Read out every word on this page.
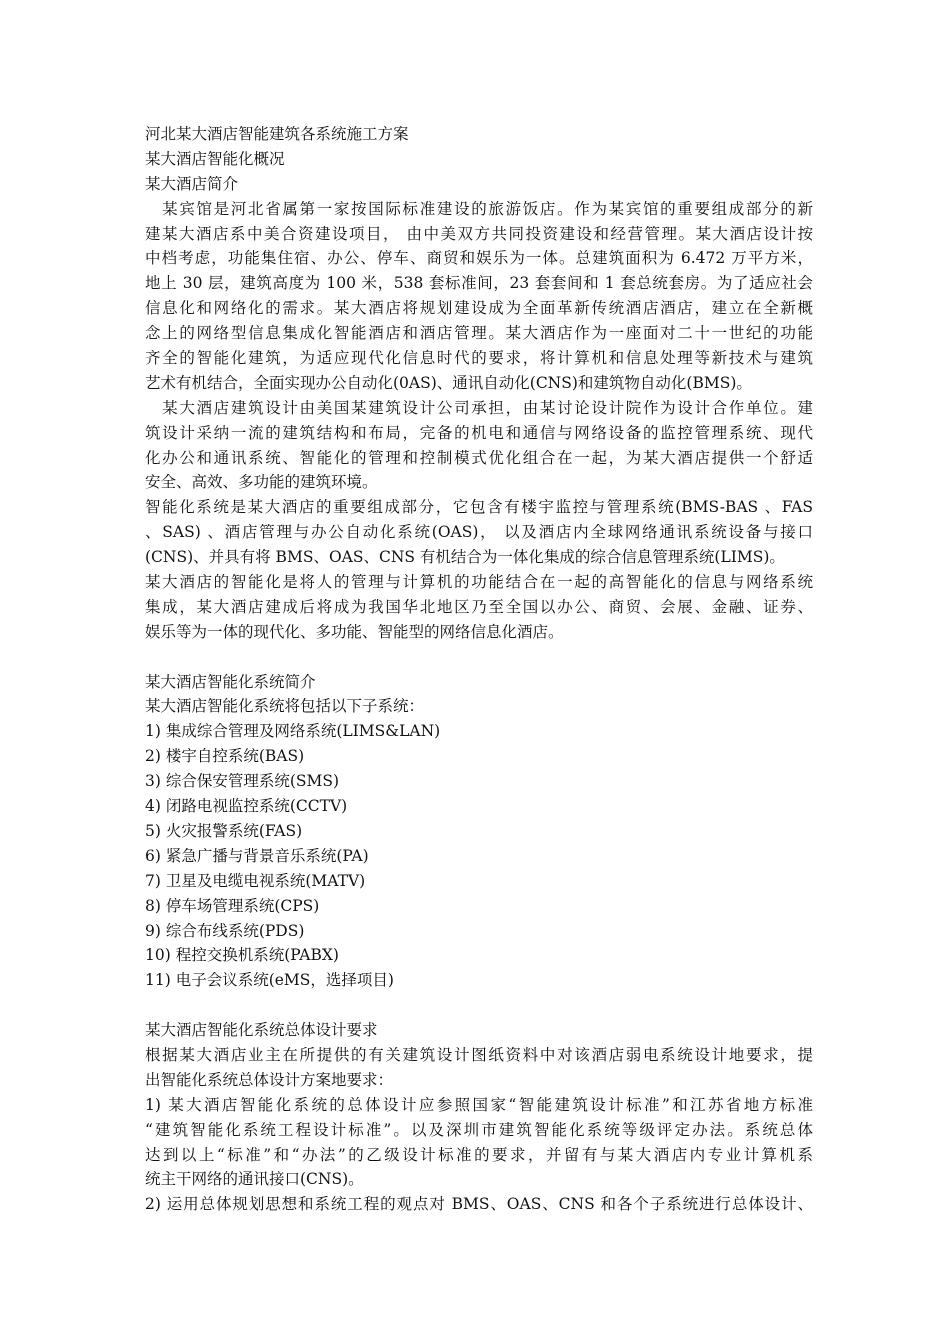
河北某大酒店智能建筑各系统施工方案
某大酒店智能化概况
某大酒店简介
　某宾馆是河北省属第一家按国际标准建设的旅游饭店。作为某宾馆的重要组成部分的新
建某大酒店系中美合资建设项目， 由中美双方共同投资建设和经营管理。某大酒店设计按
中档考虑，功能集住宿、办公、停车、商贸和娱乐为一体。总建筑面积为 6.472 万平方米，
地上 30 层，建筑高度为 100 米，538 套标准间，23 套套间和 1 套总统套房。为了适应社会
信息化和网络化的需求。某大酒店将规划建设成为全面革新传统酒店酒店，建立在全新概
念上的网络型信息集成化智能酒店和酒店管理。某大酒店作为一座面对二十一世纪的功能
齐全的智能化建筑，为适应现代化信息时代的要求，将计算机和信息处理等新技术与建筑
艺术有机结合，全面实现办公自动化(0AS)、通讯自动化(CNS)和建筑物自动化(BMS)。
　某大酒店建筑设计由美国某建筑设计公司承担，由某讨论设计院作为设计合作单位。建
筑设计采纳一流的建筑结构和布局，完备的机电和通信与网络设备的监控管理系统、现代
化办公和通讯系统、智能化的管理和控制模式优化组合在一起，为某大酒店提供一个舒适
安全、高效、多功能的建筑环境。
智能化系统是某大酒店的重要组成部分，它包含有楼宇监控与管理系统(BMS-BAS 、FAS
、SAS) 、酒店管理与办公自动化系统(OAS)， 以及酒店内全球网络通讯系统设备与接口
(CNS)、并具有将 BMS、OAS、CNS 有机结合为一体化集成的综合信息管理系统(LIMS)。
某大酒店的智能化是将人的管理与计算机的功能结合在一起的高智能化的信息与网络系统
集成，某大酒店建成后将成为我国华北地区乃至全国以办公、商贸、会展、金融、证券、
娱乐等为一体的现代化、多功能、智能型的网络信息化酒店。
某大酒店智能化系统简介
某大酒店智能化系统将包括以下子系统：
1) 集成综合管理及网络系统(LIMS&LAN)
2) 楼宇自控系统(BAS)
3) 综合保安管理系统(SMS)
4) 闭路电视监控系统(CCTV)
5) 火灾报警系统(FAS)
6) 紧急广播与背景音乐系统(PA)
7) 卫星及电缆电视系统(MATV)
8) 停车场管理系统(CPS)
9) 综合布线系统(PDS)
10) 程控交换机系统(PABX)
11) 电子会议系统(eMS，选择项目)
某大酒店智能化系统总体设计要求
根据某大酒店业主在所提供的有关建筑设计图纸资料中对该酒店弱电系统设计地要求，提
出智能化系统总体设计方案地要求：
1) 某大酒店智能化系统的总体设计应参照国家“智能建筑设计标准”和江苏省地方标准
“建筑智能化系统工程设计标准”。以及深圳市建筑智能化系统等级评定办法。系统总体
达到以上“标准”和“办法”的乙级设计标准的要求，并留有与某大酒店内专业计算机系
统主干网络的通讯接口(CNS)。
2) 运用总体规划思想和系统工程的观点对 BMS、OAS、CNS 和各个子系统进行总体设计、
